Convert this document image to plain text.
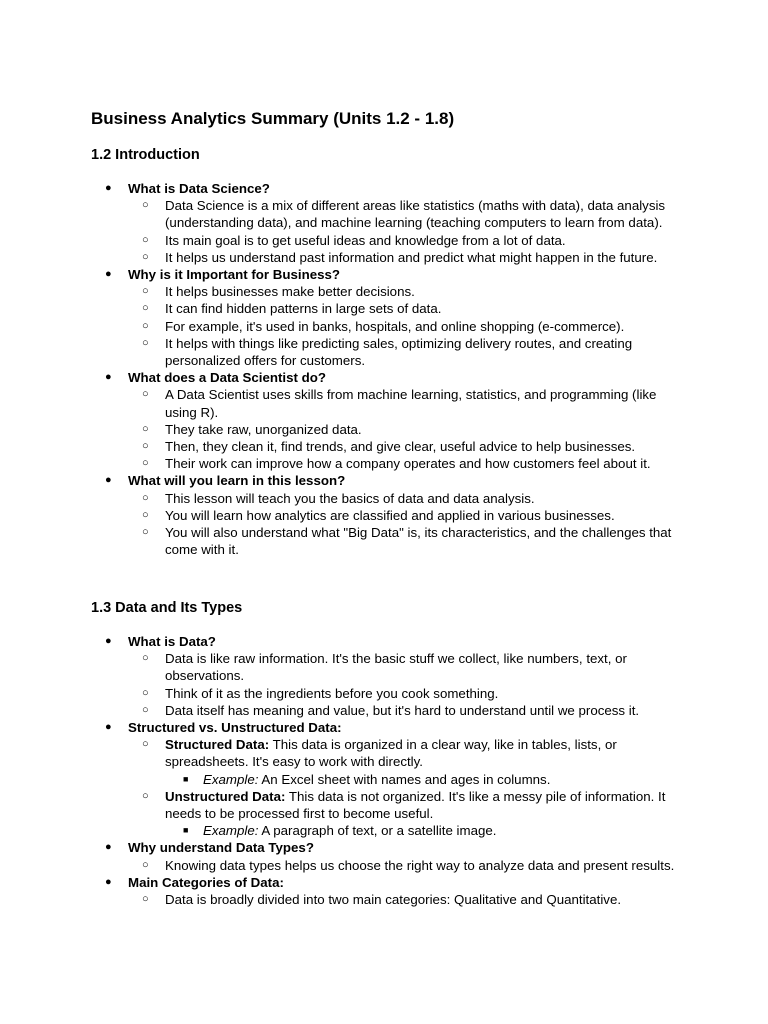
Business Analytics Summary (Units 1.2 - 1.8)
1.2 Introduction
● What is Data Science?
○ Data Science is a mix of different areas like statistics (maths with data), data analysis (understanding data), and machine learning (teaching computers to learn from data).
○ Its main goal is to get useful ideas and knowledge from a lot of data.
○ It helps us understand past information and predict what might happen in the future.
● Why is it Important for Business?
○ It helps businesses make better decisions.
○ It can find hidden patterns in large sets of data.
○ For example, it's used in banks, hospitals, and online shopping (e-commerce).
○ It helps with things like predicting sales, optimizing delivery routes, and creating personalized offers for customers.
● What does a Data Scientist do?
○ A Data Scientist uses skills from machine learning, statistics, and programming (like using R).
○ They take raw, unorganized data.
○ Then, they clean it, find trends, and give clear, useful advice to help businesses.
○ Their work can improve how a company operates and how customers feel about it.
● What will you learn in this lesson?
○ This lesson will teach you the basics of data and data analysis.
○ You will learn how analytics are classified and applied in various businesses.
○ You will also understand what "Big Data" is, its characteristics, and the challenges that come with it.
1.3 Data and Its Types
● What is Data?
○ Data is like raw information. It's the basic stuff we collect, like numbers, text, or observations.
○ Think of it as the ingredients before you cook something.
○ Data itself has meaning and value, but it's hard to understand until we process it.
● Structured vs. Unstructured Data:
○ Structured Data: This data is organized in a clear way, like in tables, lists, or spreadsheets. It's easy to work with directly.
■ Example: An Excel sheet with names and ages in columns.
○ Unstructured Data: This data is not organized. It's like a messy pile of information. It needs to be processed first to become useful.
■ Example: A paragraph of text, or a satellite image.
● Why understand Data Types?
○ Knowing data types helps us choose the right way to analyze data and present results.
● Main Categories of Data:
○ Data is broadly divided into two main categories: Qualitative and Quantitative.
